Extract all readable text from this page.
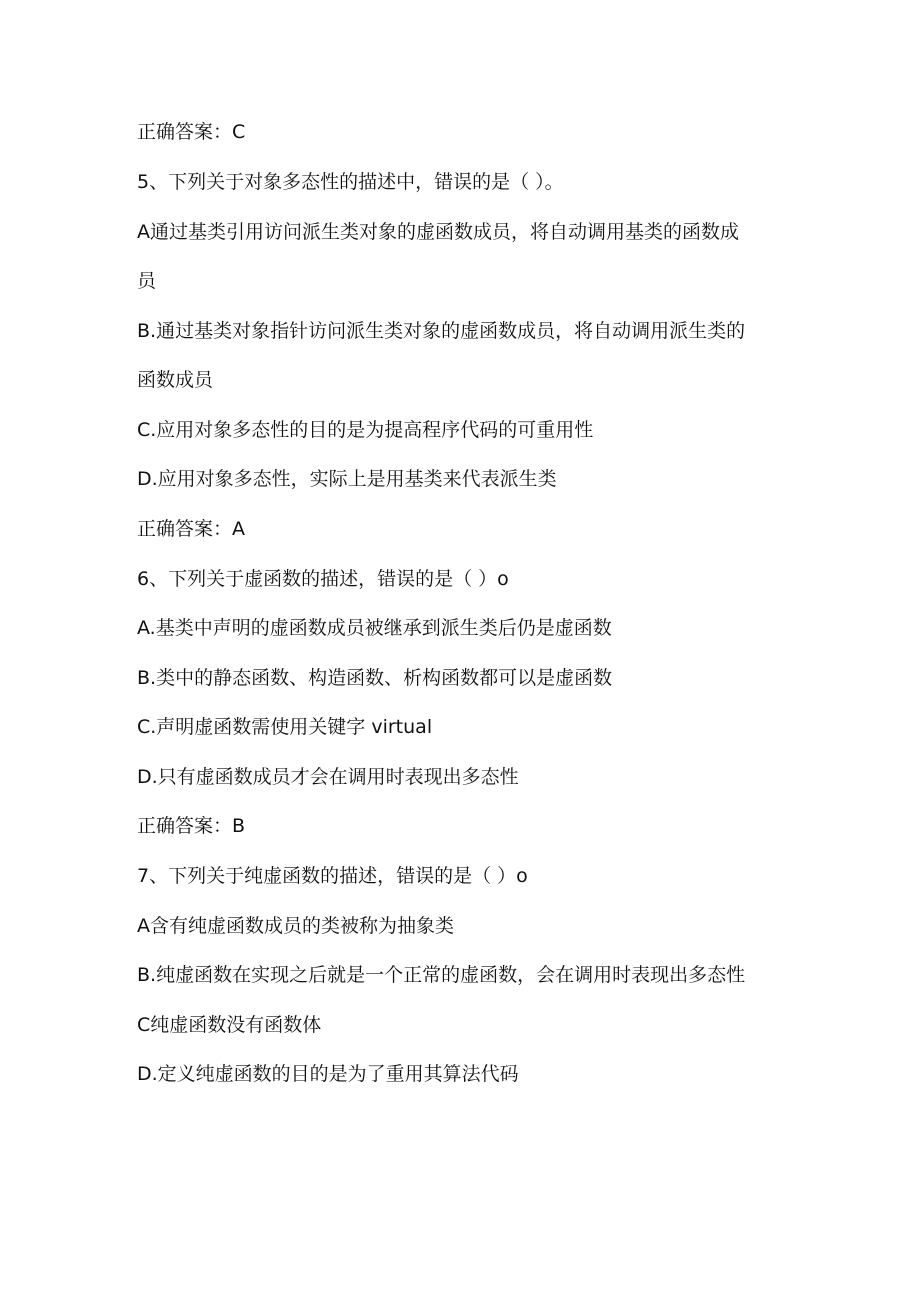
正确答案：C
5、下列关于对象多态性的描述中，错误的是（ ）。
A通过基类引用访问派生类对象的虚函数成员，将自动调用基类的函数成
员
B.通过基类对象指针访问派生类对象的虚函数成员，将自动调用派生类的
函数成员
C.应用对象多态性的目的是为提高程序代码的可重用性
D.应用对象多态性，实际上是用基类来代表派生类
正确答案：A
6、下列关于虚函数的描述，错误的是（ ）o
A.基类中声明的虚函数成员被继承到派生类后仍是虚函数
B.类中的静态函数、构造函数、析构函数都可以是虚函数
C.声明虚函数需使用关键字 virtual
D.只有虚函数成员才会在调用时表现出多态性
正确答案：B
7、下列关于纯虚函数的描述，错误的是（ ）o
A含有纯虚函数成员的类被称为抽象类
B.纯虚函数在实现之后就是一个正常的虚函数，会在调用时表现出多态性
C纯虚函数没有函数体
D.定义纯虚函数的目的是为了重用其算法代码
